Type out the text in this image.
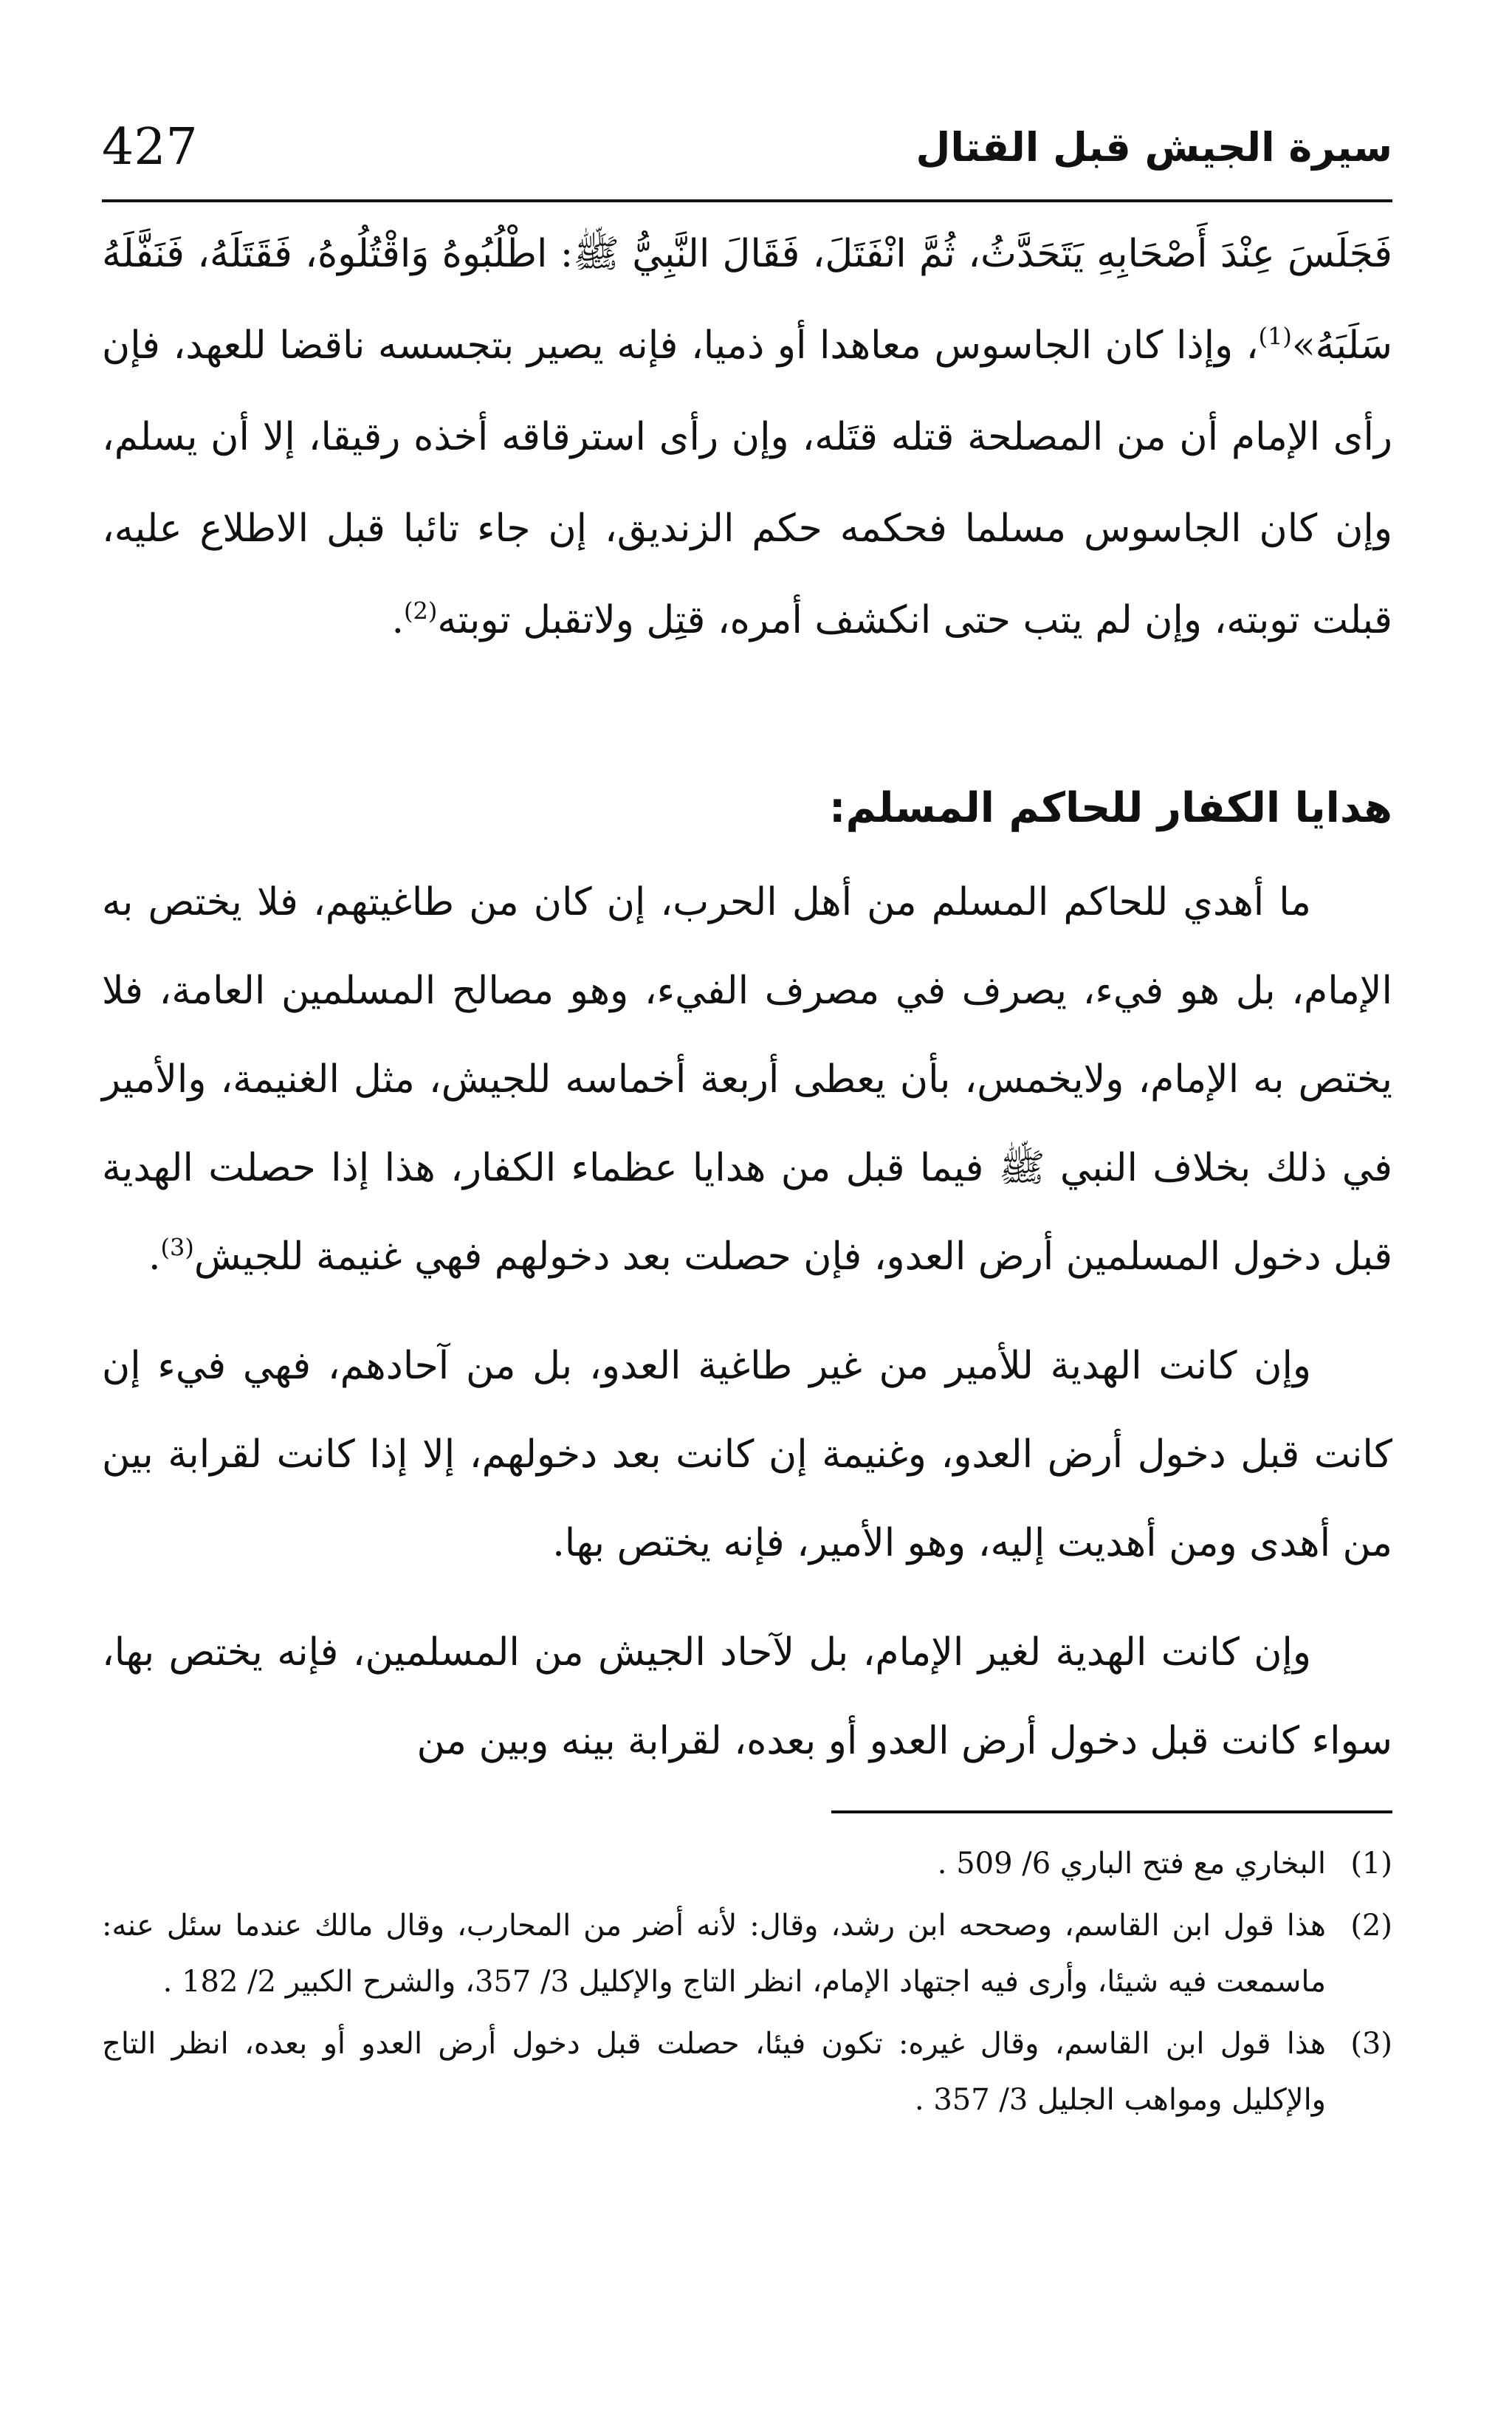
427	سيرة الجيش قبل القتال

فَجَلَسَ عِنْدَ أَصْحَابِهِ يَتَحَدَّثُ، ثُمَّ انْفَتَلَ، فَقَالَ النَّبِيُّ ﷺ: اطْلُبُوهُ وَاقْتُلُوهُ، فَقَتَلَهُ، فَنَفَّلَهُ سَلَبَهُ»$^{(1)}$، وإذا كان الجاسوس معاهدا أو ذميا، فإنه يصير بتجسسه ناقضا للعهد، فإن رأى الإمام أن من المصلحة قتله قتَله، وإن رأى استرقاقه أخذه رقيقا، إلا أن يسلم، وإن كان الجاسوس مسلما فحكمه حكم الزنديق، إن جاء تائبا قبل الاطلاع عليه، قبلت توبته، وإن لم يتب حتى انكشف أمره، قتِل ولاتقبل توبته$^{(2)}$.

هدايا الكفار للحاكم المسلم:

ما أهدي للحاكم المسلم من أهل الحرب، إن كان من طاغيتهم، فلا يختص به الإمام، بل هو فيء، يصرف في مصرف الفيء، وهو مصالح المسلمين العامة، فلا يختص به الإمام، ولايخمس، بأن يعطى أربعة أخماسه للجيش، مثل الغنيمة، والأمير في ذلك بخلاف النبي ﷺ فيما قبل من هدايا عظماء الكفار، هذا إذا حصلت الهدية قبل دخول المسلمين أرض العدو، فإن حصلت بعد دخولهم فهي غنيمة للجيش$^{(3)}$.

وإن كانت الهدية للأمير من غير طاغية العدو، بل من آحادهم، فهي فيء إن كانت قبل دخول أرض العدو، وغنيمة إن كانت بعد دخولهم، إلا إذا كانت لقرابة بين من أهدى ومن أهديت إليه، وهو الأمير، فإنه يختص بها.

وإن كانت الهدية لغير الإمام، بل لآحاد الجيش من المسلمين، فإنه يختص بها، سواء كانت قبل دخول أرض العدو أو بعده، لقرابة بينه وبين من

(1)
البخاري مع فتح الباري 6/ 509 .
(2)
هذا قول ابن القاسم، وصححه ابن رشد، وقال: لأنه أضر من المحارب، وقال مالك عندما سئل عنه: ماسمعت فيه شيئا، وأرى فيه اجتهاد الإمام، انظر التاج والإكليل 3/ 357، والشرح الكبير 2/ 182 .
(3)
هذا قول ابن القاسم، وقال غيره: تكون فيئا، حصلت قبل دخول أرض العدو أو بعده، انظر التاج والإكليل ومواهب الجليل 3/ 357 .
